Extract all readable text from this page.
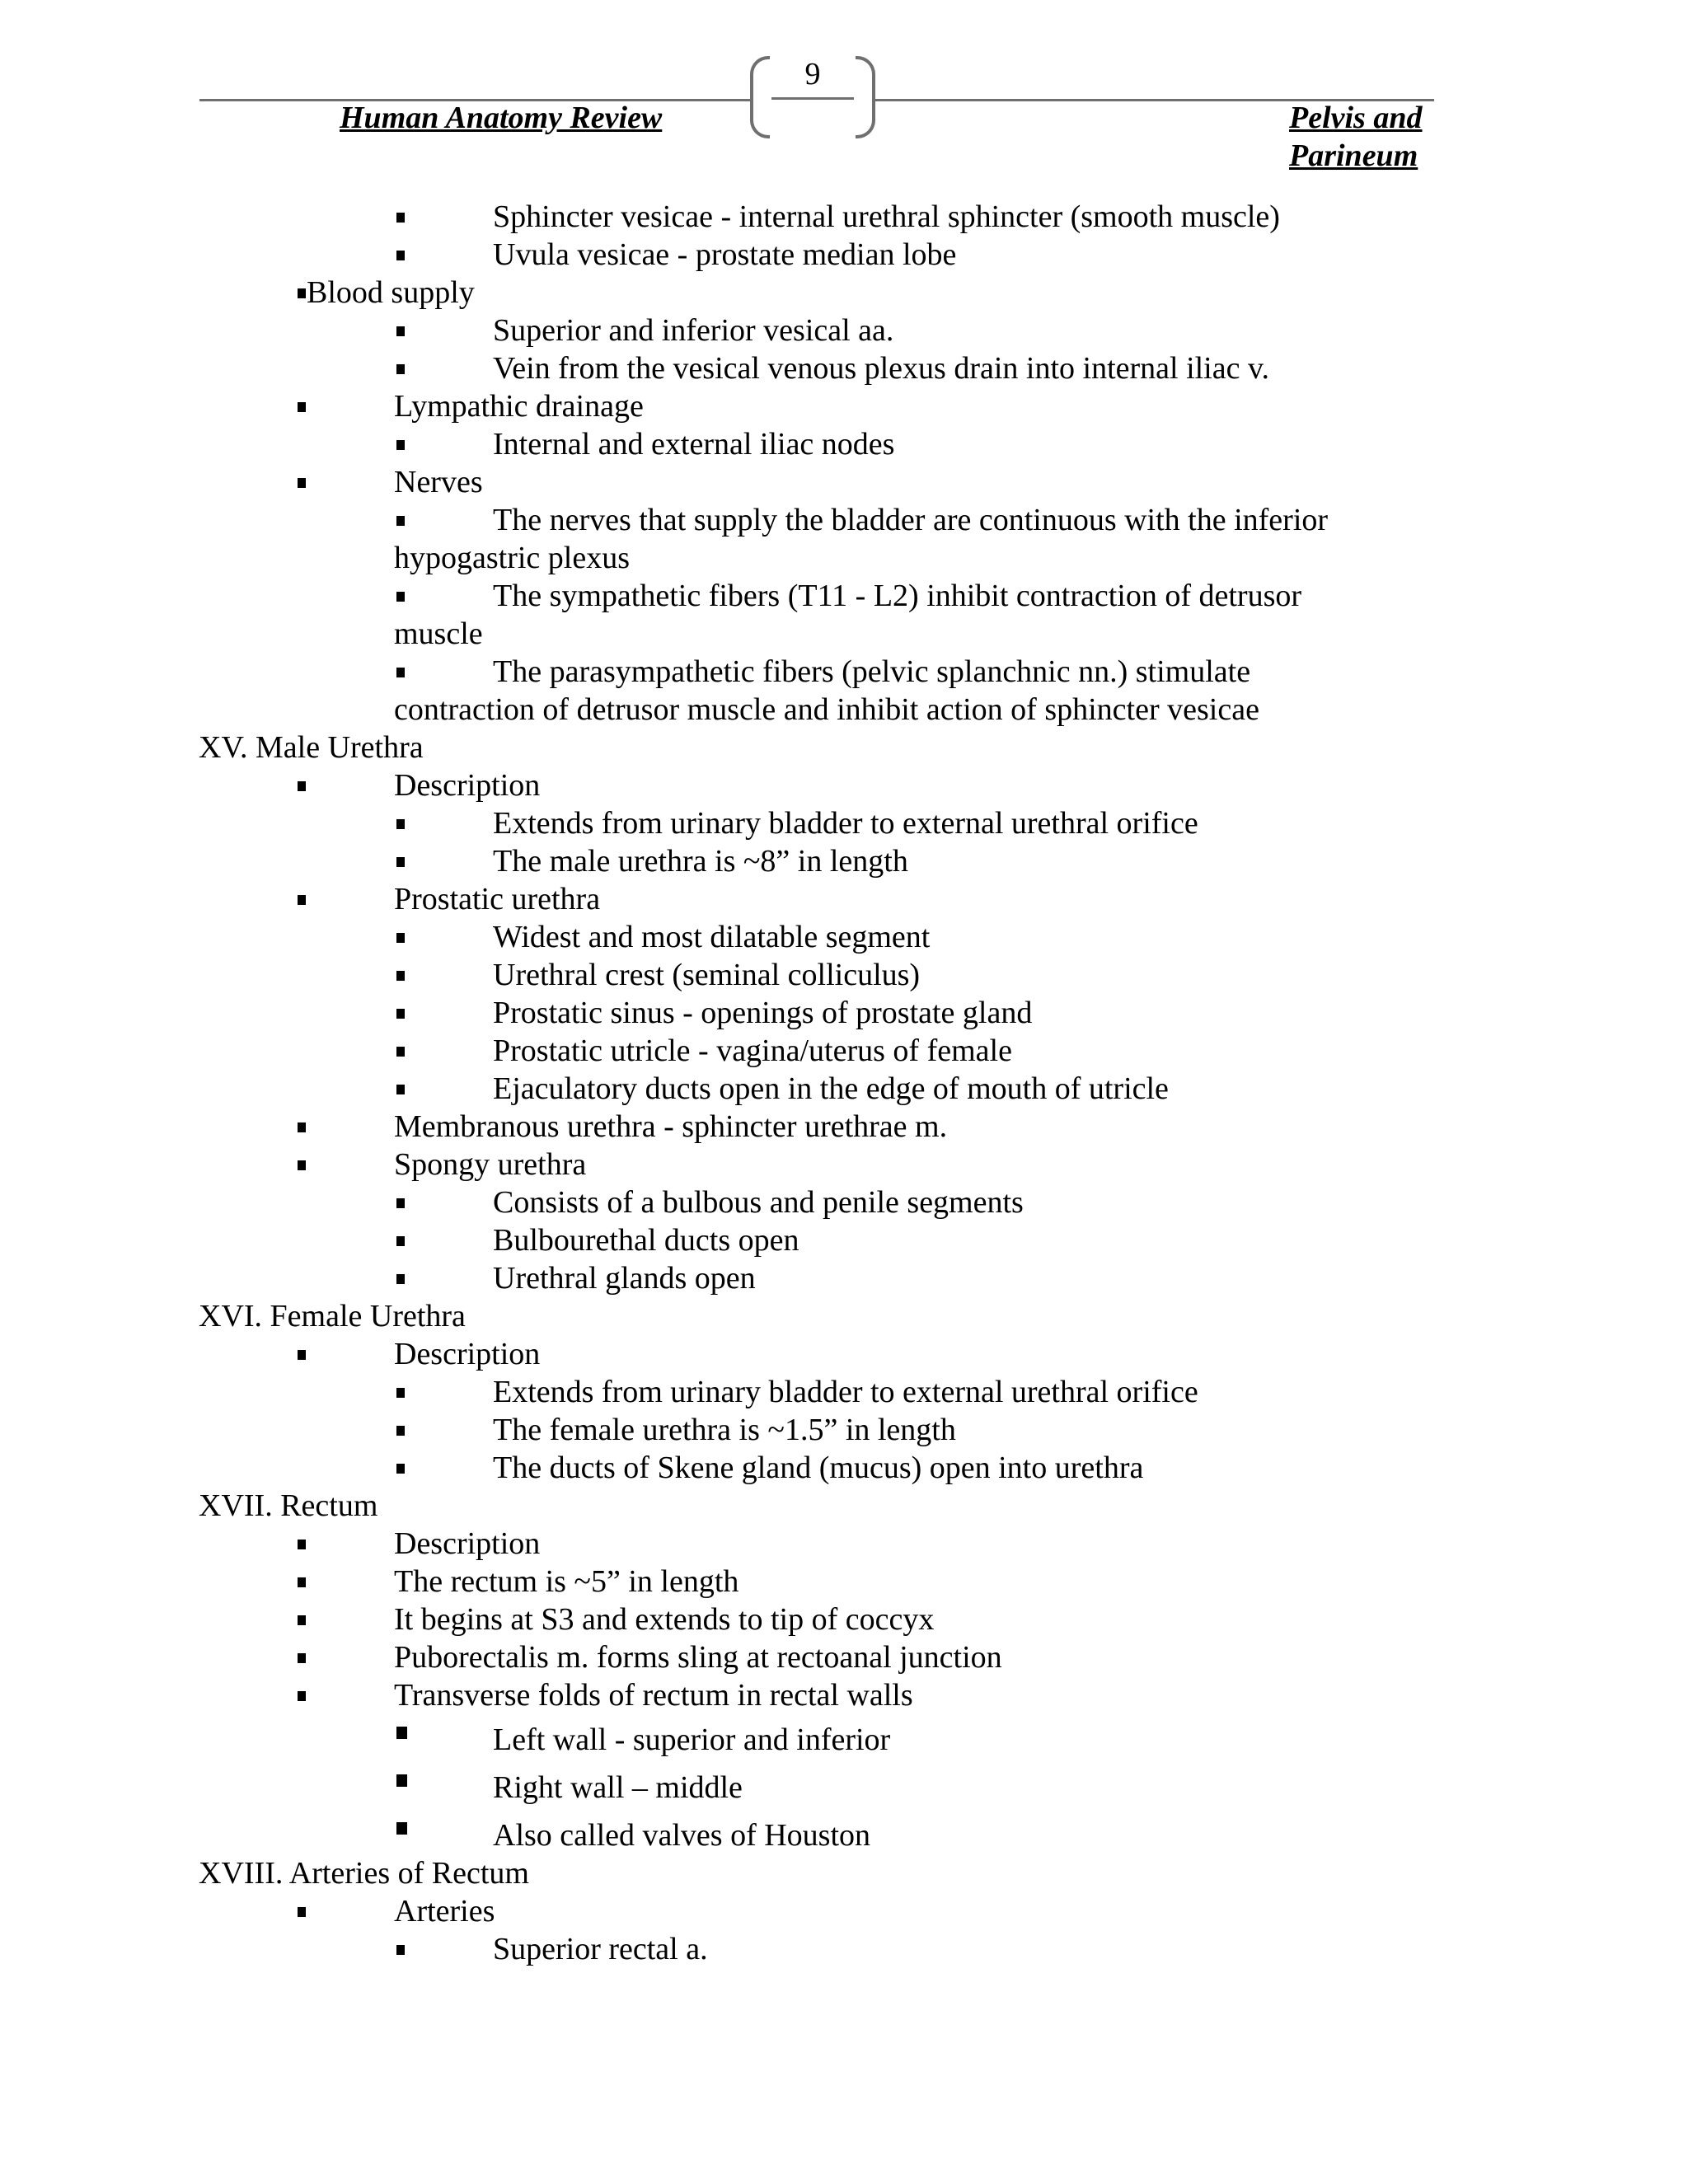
9
Human Anatomy Review	Pelvis and
Parineum
Sphincter vesicae - internal urethral sphincter (smooth muscle)
Uvula vesicae - prostate median lobe
Blood supply
Superior and inferior vesical aa.
Vein from the vesical venous plexus drain into internal iliac v.
Lympathic drainage
Internal and external iliac nodes
Nerves
The nerves that supply the bladder are continuous with the inferior
hypogastric plexus
The sympathetic fibers (T11 - L2) inhibit contraction of detrusor
muscle
The parasympathetic fibers (pelvic splanchnic nn.) stimulate
contraction of detrusor muscle and inhibit action of sphincter vesicae
XV. Male Urethra
Description
Extends from urinary bladder to external urethral orifice
The male urethra is ~8” in length
Prostatic urethra
Widest and most dilatable segment
Urethral crest (seminal colliculus)
Prostatic sinus - openings of prostate gland
Prostatic utricle - vagina/uterus of female
Ejaculatory ducts open in the edge of mouth of utricle
Membranous urethra - sphincter urethrae m.
Spongy urethra
Consists of a bulbous and penile segments
Bulbourethal ducts open
Urethral glands open
XVI. Female Urethra
Description
Extends from urinary bladder to external urethral orifice
The female urethra is ~1.5” in length
The ducts of Skene gland (mucus) open into urethra
XVII. Rectum
Description
The rectum is ~5” in length
It begins at S3 and extends to tip of coccyx
Puborectalis m. forms sling at rectoanal junction
Transverse folds of rectum in rectal walls
Left wall - superior and inferior
Right wall – middle
Also called valves of Houston
XVIII. Arteries of Rectum
Arteries
Superior rectal a.
